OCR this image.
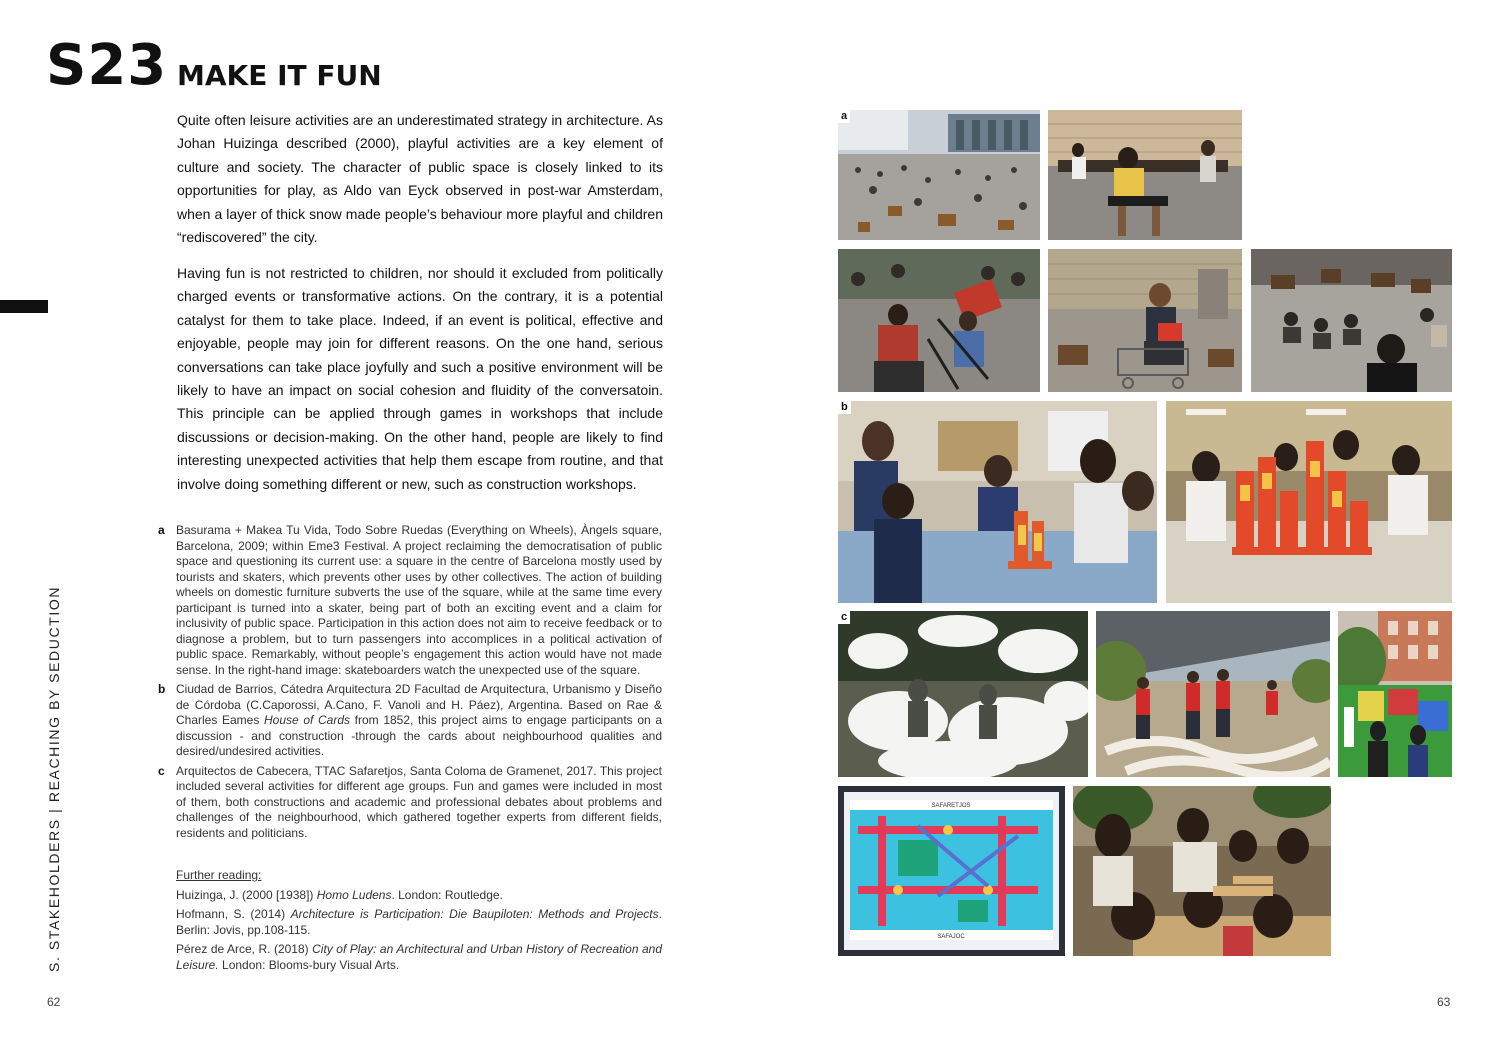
S23 MAKE IT FUN
Quite often leisure activities are an underestimated strategy in architecture. As Johan Huizinga described (2000), playful activities are a key element of culture and society. The character of public space is closely linked to its opportunities for play, as Aldo van Eyck observed in post-war Amsterdam, when a layer of thick snow made people’s behaviour more playful and children “rediscovered” the city.
Having fun is not restricted to children, nor should it excluded from politically charged events or transformative actions. On the contrary, it is a potential catalyst for them to take place. Indeed, if an event is political, effective and enjoyable, people may join for different reasons. On the one hand, serious conversations can take place joyfully and such a positive environment will be likely to have an impact on social cohesion and fluidity of the conversatoin. This principle can be applied through games in workshops that include discussions or decision-making. On the other hand, people are likely to find interesting unexpected activities that help them escape from routine, and that involve doing something different or new, such as construction workshops.
S. STAKEHOLDERS | REACHING BY SEDUCTION
a Basurama + Makea Tu Vida, Todo Sobre Ruedas (Everything on Wheels), Àngels square, Barcelona, 2009; within Eme3 Festival. A project reclaiming the democratisation of public space and questioning its current use: a square in the centre of Barcelona mostly used by tourists and skaters, which prevents other uses by other collectives. The action of building wheels on domestic furniture subverts the use of the square, while at the same time every participant is turned into a skater, being part of both an exciting event and a claim for inclusivity of public space. Participation in this action does not aim to receive feedback or to diagnose a problem, but to turn passengers into accomplices in a political activation of public space. Remarkably, without people’s engagement this action would have not made sense. In the right-hand image: skateboarders watch the unexpected use of the square.
b Ciudad de Barrios, Cátedra Arquitectura 2D Facultad de Arquitectura, Urbanismo y Diseño de Córdoba (C.Caporossi, A.Cano, F. Vanoli and H. Páez), Argentina. Based on Rae & Charles Eames House of Cards from 1852, this project aims to engage participants on a discussion - and construction -through the cards about neighbourhood qualities and desired/undesired activities.
c Arquitectos de Cabecera, TTAC Safaretjos, Santa Coloma de Gramenet, 2017. This project included several activities for different age groups. Fun and games were included in most of them, both constructions and academic and professional debates about problems and challenges of the neighbourhood, which gathered together experts from different fields, residents and politicians.
Further reading:
Huizinga, J. (2000 [1938]) Homo Ludens. London: Routledge.
Hofmann, S. (2014) Architecture is Participation: Die Baupiloten: Methods and Projects. Berlin: Jovis, pp.108-115.
Pérez de Arce, R. (2018) City of Play: an Architectural and Urban History of Recreation and Leisure. London: Blooms-bury Visual Arts.
62	63
a
b
c
SAFARETJOS
SAFAJOC
